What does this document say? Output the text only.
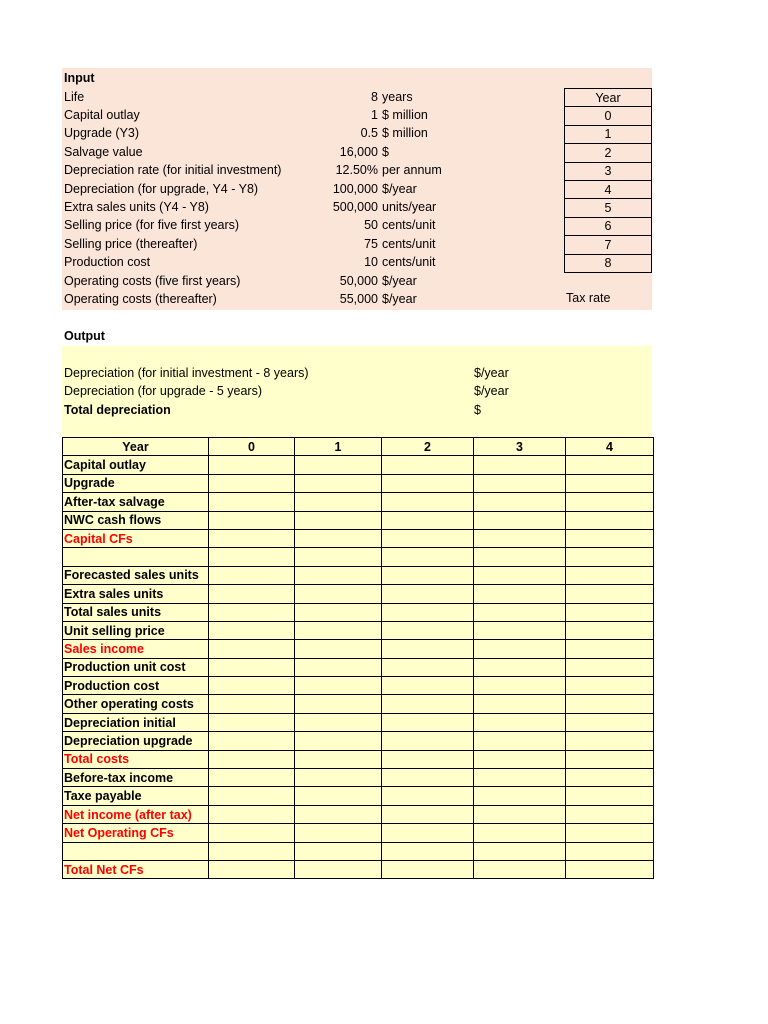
Input
Life	8 years
Capital outlay	1 $ million
Upgrade (Y3)	0.5 $ million
Salvage value	16,000 $
Depreciation rate (for initial investment)	12.50% per annum
Depreciation (for upgrade, Y4 - Y8)	100,000 $/year
Extra sales units (Y4 - Y8)	500,000 units/year
Selling price (for five first years)	50 cents/unit
Selling price (thereafter)	75 cents/unit
Production cost	10 cents/unit
Operating costs (five first years)	50,000 $/year
Operating costs (thereafter)	55,000 $/year
Year
0
1
2
3
4
5
6
7
8
Tax rate
Output
Depreciation (for initial investment - 8 years)	$/year
Depreciation (for upgrade - 5 years)	$/year
Total depreciation	$
Year	0	1	2	3	4
Capital outlay					
Upgrade					
After-tax salvage					
NWC cash flows					
Capital CFs					

Forecasted sales units					
Extra sales units					
Total sales units					
Unit selling price					
Sales income					
Production unit cost					
Production cost					
Other operating costs					
Depreciation initial					
Depreciation upgrade					
Total costs					
Before-tax income					
Taxe payable					
Net income (after tax)					
Net Operating CFs					

Total Net CFs					
